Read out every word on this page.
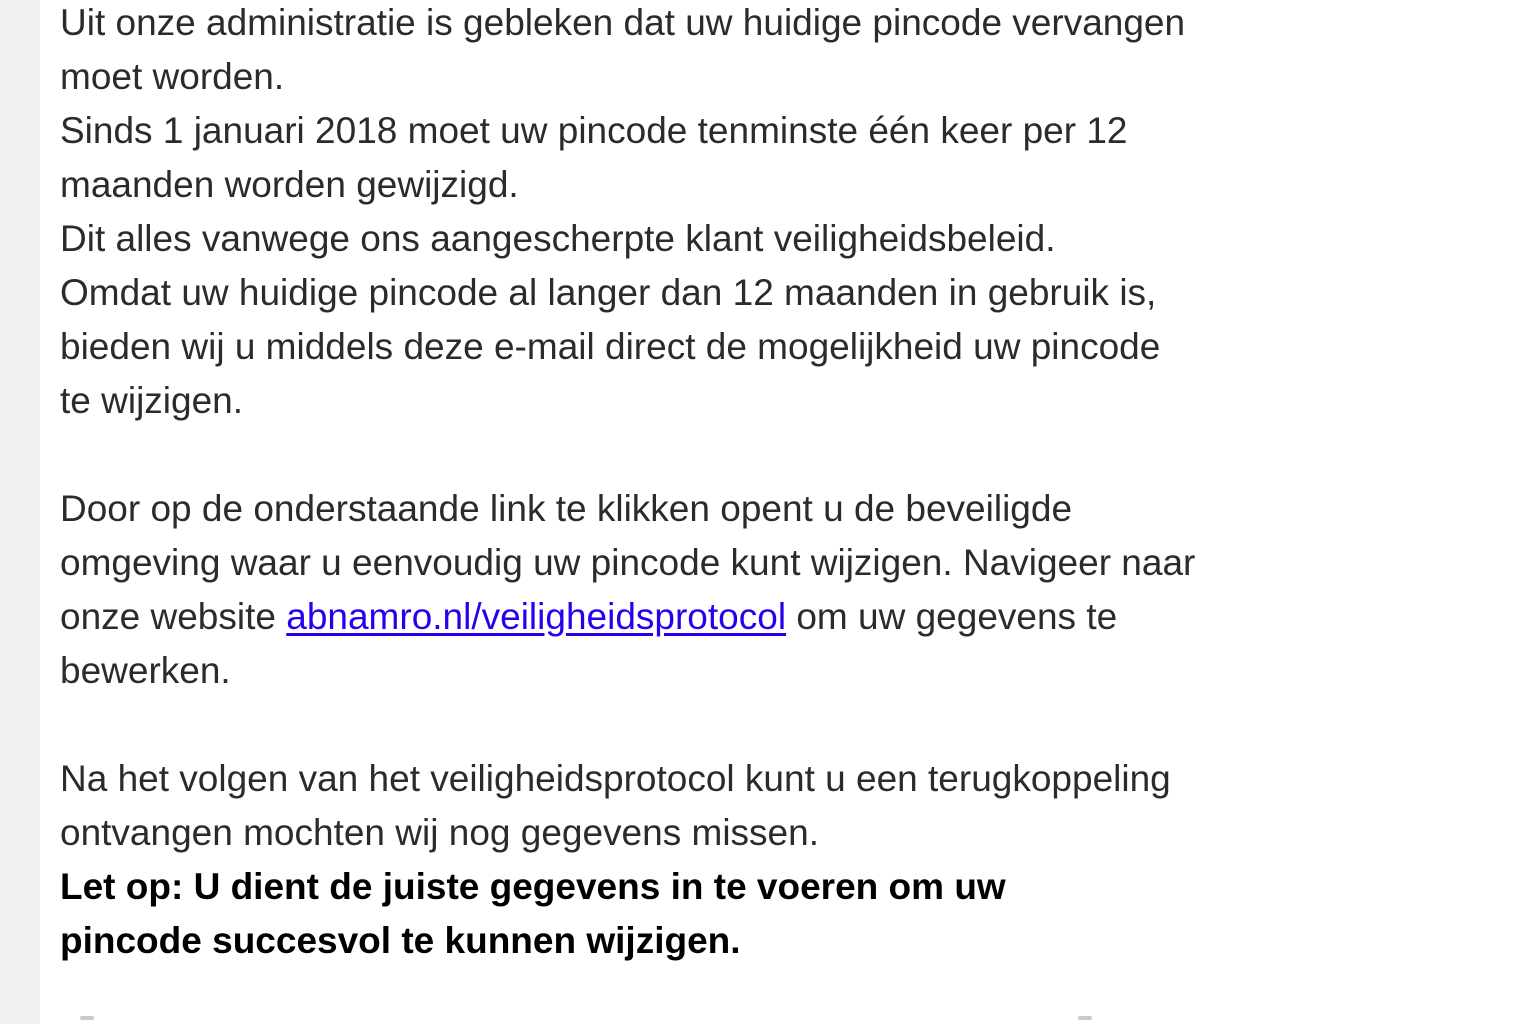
Uit onze administratie is gebleken dat uw huidige pincode vervangen
moet worden.
Sinds 1 januari 2018 moet uw pincode tenminste één keer per 12
maanden worden gewijzigd.
Dit alles vanwege ons aangescherpte klant veiligheidsbeleid.
Omdat uw huidige pincode al langer dan 12 maanden in gebruik is,
bieden wij u middels deze e-mail direct de mogelijkheid uw pincode
te wijzigen.

Door op de onderstaande link te klikken opent u de beveiligde
omgeving waar u eenvoudig uw pincode kunt wijzigen. Navigeer naar
onze website abnamro.nl/veiligheidsprotocol om uw gegevens te
bewerken.

Na het volgen van het veiligheidsprotocol kunt u een terugkoppeling
ontvangen mochten wij nog gegevens missen.
Let op: U dient de juiste gegevens in te voeren om uw
pincode succesvol te kunnen wijzigen.
